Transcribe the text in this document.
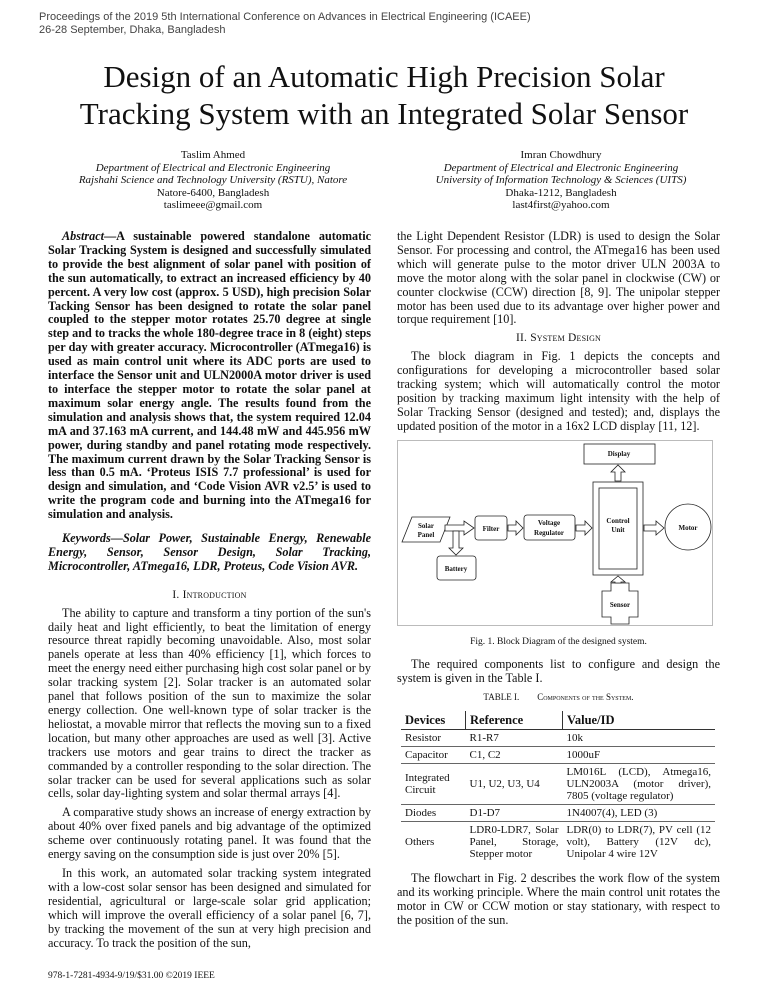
Proceedings of the 2019 5th International Conference on Advances in Electrical Engineering (ICAEE)
26-28 September, Dhaka, Bangladesh
Design of an Automatic High Precision Solar
Tracking System with an Integrated Solar Sensor
Taslim Ahmed
Department of Electrical and Electronic Engineering
Rajshahi Science and Technology University (RSTU), Natore
Natore-6400, Bangladesh
taslimeee@gmail.com
Imran Chowdhury
Department of Electrical and Electronic Engineering
University of Information Technology & Sciences (UITS)
Dhaka-1212, Bangladesh
last4first@yahoo.com
Abstract—A sustainable powered standalone automatic Solar Tracking System is designed and successfully simulated to provide the best alignment of solar panel with position of the sun automatically, to extract an increased efficiency by 40 percent. A very low cost (approx. 5 USD), high precision Solar Tacking Sensor has been designed to rotate the solar panel coupled to the stepper motor rotates 25.70 degree at single step and to tracks the whole 180-degree trace in 8 (eight) steps per day with greater accuracy. Microcontroller (ATmega16) is used as main control unit where its ADC ports are used to interface the Sensor unit and ULN2000A motor driver is used to interface the stepper motor to rotate the solar panel at maximum solar energy angle. The results found from the simulation and analysis shows that, the system required 12.04 mA and 37.163 mA current, and 144.48 mW and 445.956 mW power, during standby and panel rotating mode respectively. The maximum current drawn by the Solar Tracking Sensor is less than 0.5 mA. ‘Proteus ISIS 7.7 professional’ is used for design and simulation, and ‘Code Vision AVR v2.5’ is used to write the program code and burning into the ATmega16 for simulation and analysis.
Keywords—Solar Power, Sustainable Energy, Renewable Energy, Sensor, Sensor Design, Solar Tracking, Microcontroller, ATmega16, LDR, Proteus, Code Vision AVR.
I. Introduction

The ability to capture and transform a tiny portion of the sun's daily heat and light efficiently, to beat the limitation of energy resource threat rapidly becoming unavoidable. Also, most solar panels operate at less than 40% efficiency [1], which forces to meet the energy need either purchasing high cost solar panel or by solar tracking system [2]. Solar tracker is an automated solar panel that follows position of the sun to maximize the solar energy collection. One well-known type of solar tracker is the heliostat, a movable mirror that reflects the moving sun to a fixed location, but many other approaches are used as well [3]. Active trackers use motors and gear trains to direct the tracker as commanded by a controller responding to the solar direction. The solar tracker can be used for several applications such as solar cells, solar day-lighting system and solar thermal arrays [4].

A comparative study shows an increase of energy extraction by about 40% over fixed panels and big advantage of the optimized scheme over continuously rotating panel. It was found that the energy saving on the consumption side is just over 20% [5].

In this work, an automated solar tracking system integrated with a low-cost solar sensor has been designed and simulated for residential, agricultural or large-scale solar grid application; which will improve the overall efficiency of a solar panel [6, 7], by tracking the movement of the sun at very high precision and accuracy. To track the position of the sun,

978-1-7281-4934-9/19/$31.00 ©2019 IEEE

the Light Dependent Resistor (LDR) is used to design the Solar Sensor. For processing and control, the ATmega16 has been used which will generate pulse to the motor driver ULN 2003A to move the motor along with the solar panel in clockwise (CW) or counter clockwise (CCW) direction [8, 9]. The unipolar stepper motor has been used due to its advantage over higher power and torque requirement [10].

II. System Design

The block diagram in Fig. 1 depicts the concepts and configurations for developing a microcontroller based solar tracking system; which will automatically control the motor position by tracking maximum light intensity with the help of Solar Tracking Sensor (designed and tested); and, displays the updated position of the motor in a 16x2 LCD display [11, 12].

Display
Control
Unit
Solar
Panel
Filter
Voltage
Regulator
Motor
Battery
Sensor
Fig. 1. Block Diagram of the designed system.

The required components list to configure and design the system is given in the Table I.

TABLE I. Components of the System.
Devices	Reference	Value/ID
Resistor	R1-R7	10k
Capacitor	C1, C2	1000uF
Integrated Circuit	U1, U2, U3, U4	LM016L (LCD), Atmega16, ULN2003A (motor driver), 7805 (voltage regulator)
Diodes	D1-D7	1N4007(4), LED (3)
Others	LDR0-LDR7, Solar Panel, Storage, Stepper motor	LDR(0) to LDR(7), PV cell (12 volt), Battery (12V dc), Unipolar 4 wire 12V

The flowchart in Fig. 2 describes the work flow of the system and its working principle. Where the main control unit rotates the motor in CW or CCW motion or stay stationary, with respect to the position of the sun.
